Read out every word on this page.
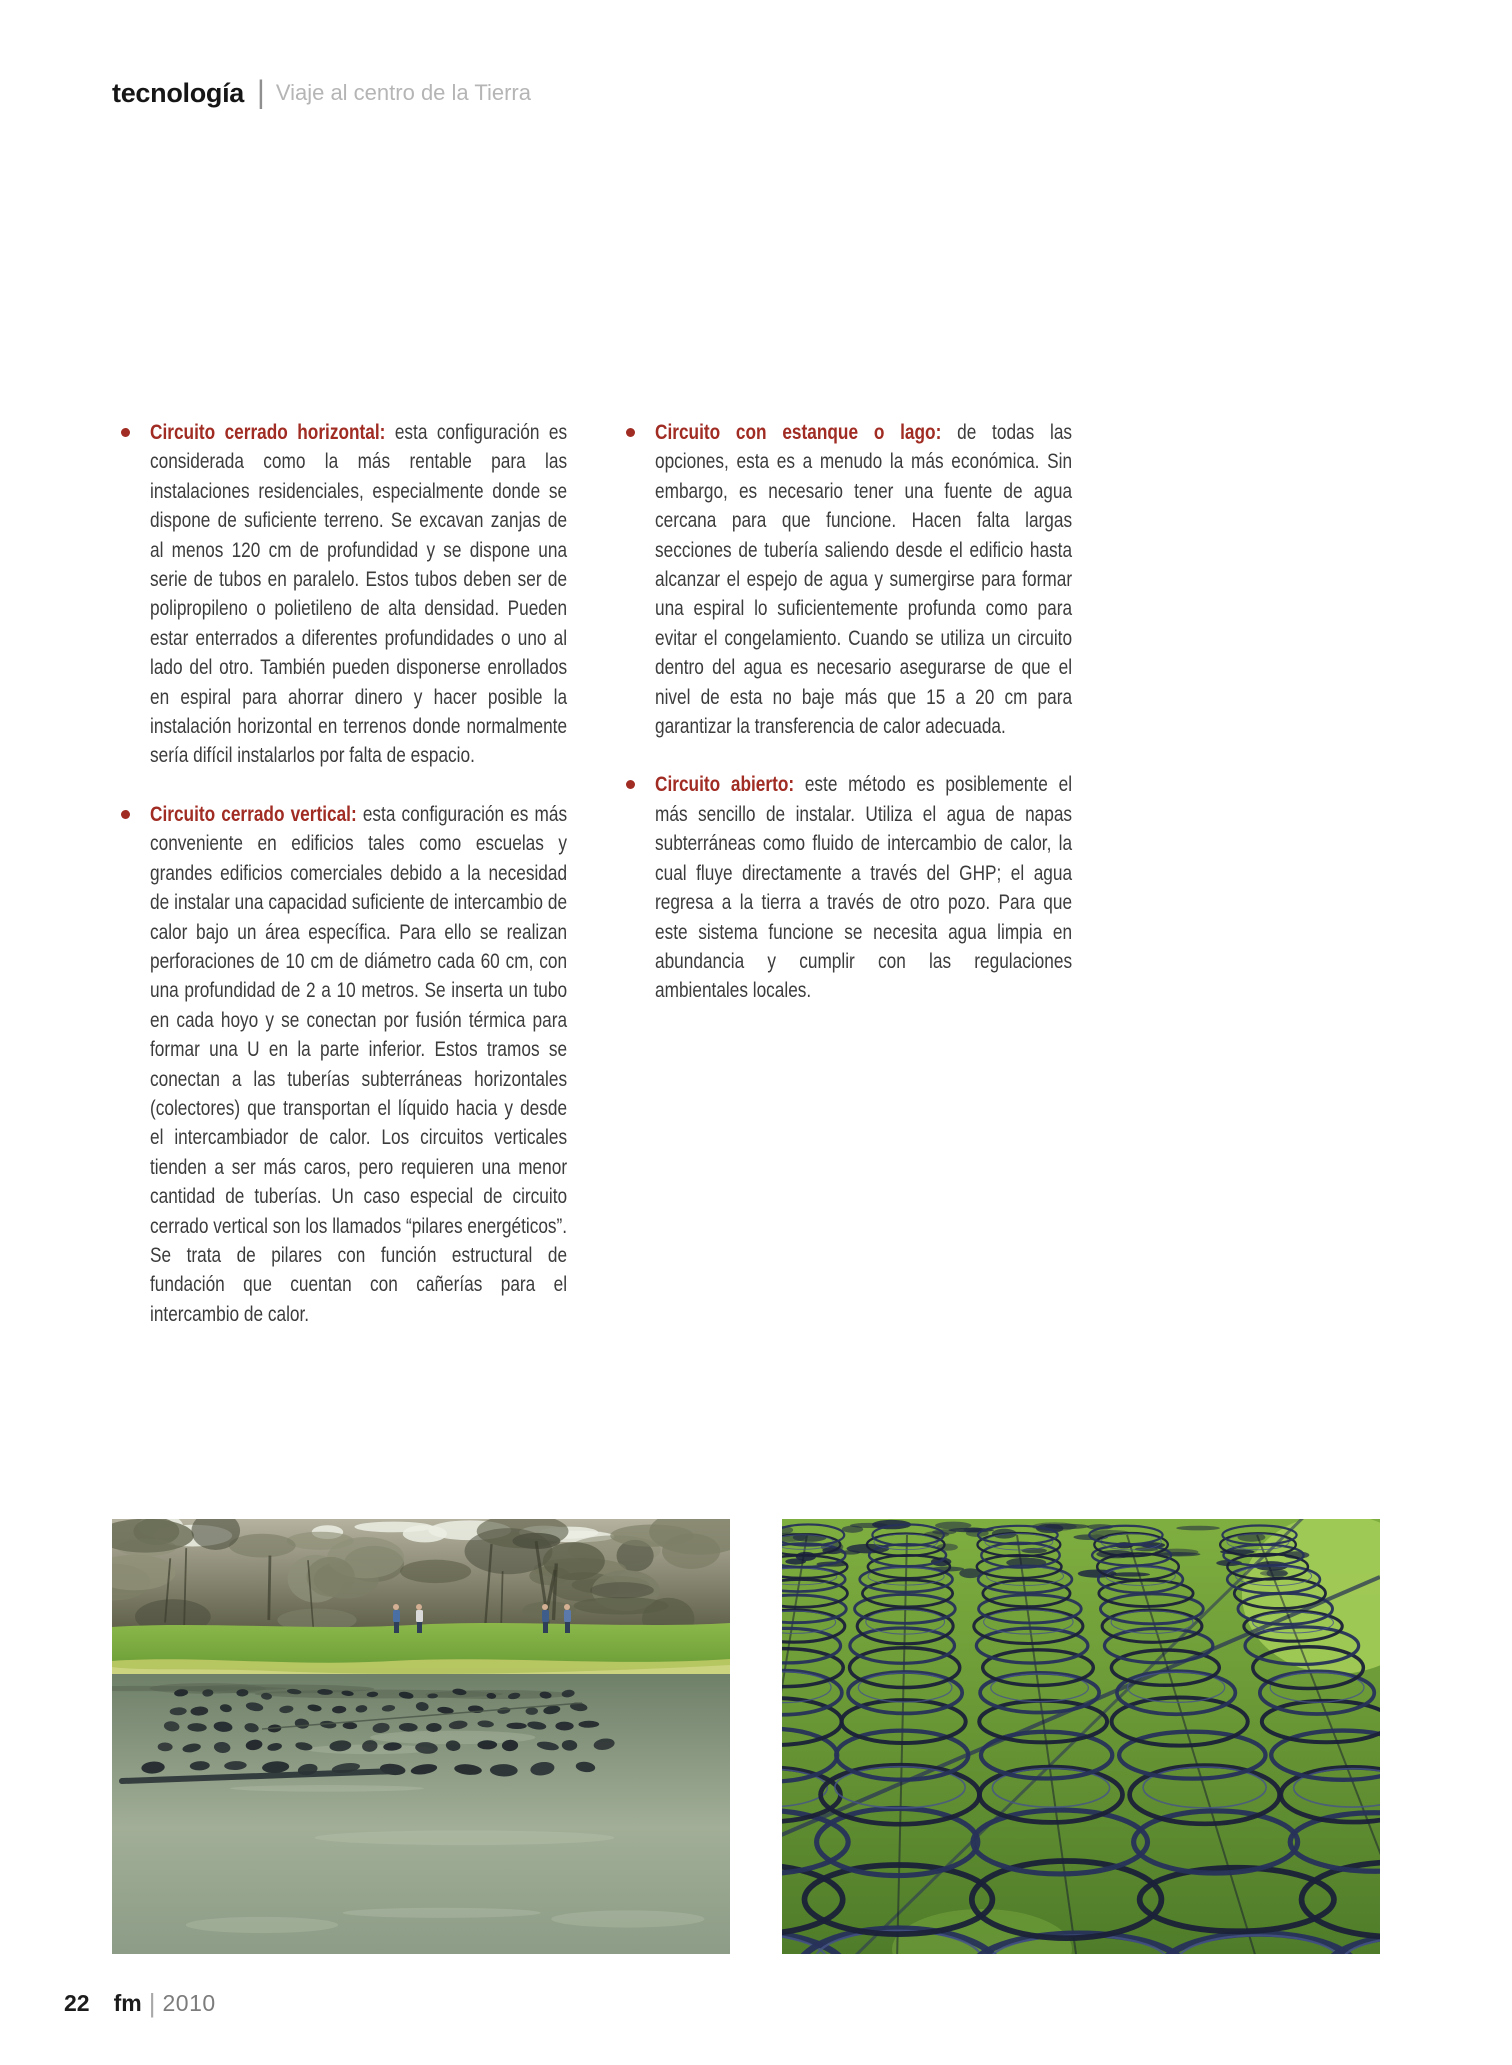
tecnología | Viaje al centro de la Tierra
Circuito cerrado horizontal: esta configuración es considerada como la más rentable para las instalaciones residenciales, especialmente donde se dispone de suficiente terreno. Se excavan zanjas de al menos 120 cm de profundidad y se dispone una serie de tubos en paralelo. Estos tubos deben ser de polipropileno o polietileno de alta densidad. Pueden estar enterrados a diferentes profundidades o uno al lado del otro. También pueden disponerse enrollados en espiral para ahorrar dinero y hacer posible la instalación horizontal en terrenos donde normalmente sería difícil instalarlos por falta de espacio.
Circuito cerrado vertical: esta configuración es más conveniente en edificios tales como escuelas y grandes edificios comerciales debido a la necesidad de instalar una capacidad suficiente de intercambio de calor bajo un área específica. Para ello se realizan perforaciones de 10 cm de diámetro cada 60 cm, con una profundidad de 2 a 10 metros. Se inserta un tubo en cada hoyo y se conectan por fusión térmica para formar una U en la parte inferior. Estos tramos se conectan a las tuberías subterráneas horizontales (colectores) que transportan el líquido hacia y desde el intercambiador de calor. Los circuitos verticales tienden a ser más caros, pero requieren una menor cantidad de tuberías. Un caso especial de circuito cerrado vertical son los llamados “pilares energéticos”. Se trata de pilares con función estructural de fundación que cuentan con cañerías para el intercambio de calor.
Circuito con estanque o lago: de todas las opciones, esta es a menudo la más económica. Sin embargo, es necesario tener una fuente de agua cercana para que funcione. Hacen falta largas secciones de tubería saliendo desde el edificio hasta alcanzar el espejo de agua y sumergirse para formar una espiral lo suficientemente profunda como para evitar el congelamiento. Cuando se utiliza un circuito dentro del agua es necesario asegurarse de que el nivel de esta no baje más que 15 a 20 cm para garantizar la transferencia de calor adecuada.
Circuito abierto: este método es posiblemente el más sencillo de instalar. Utiliza el agua de napas subterráneas como fluido de intercambio de calor, la cual fluye directamente a través del GHP; el agua regresa a la tierra a través de otro pozo. Para que este sistema funcione se necesita agua limpia en abundancia y cumplir con las regulaciones ambientales locales.
22 fm | 2010
